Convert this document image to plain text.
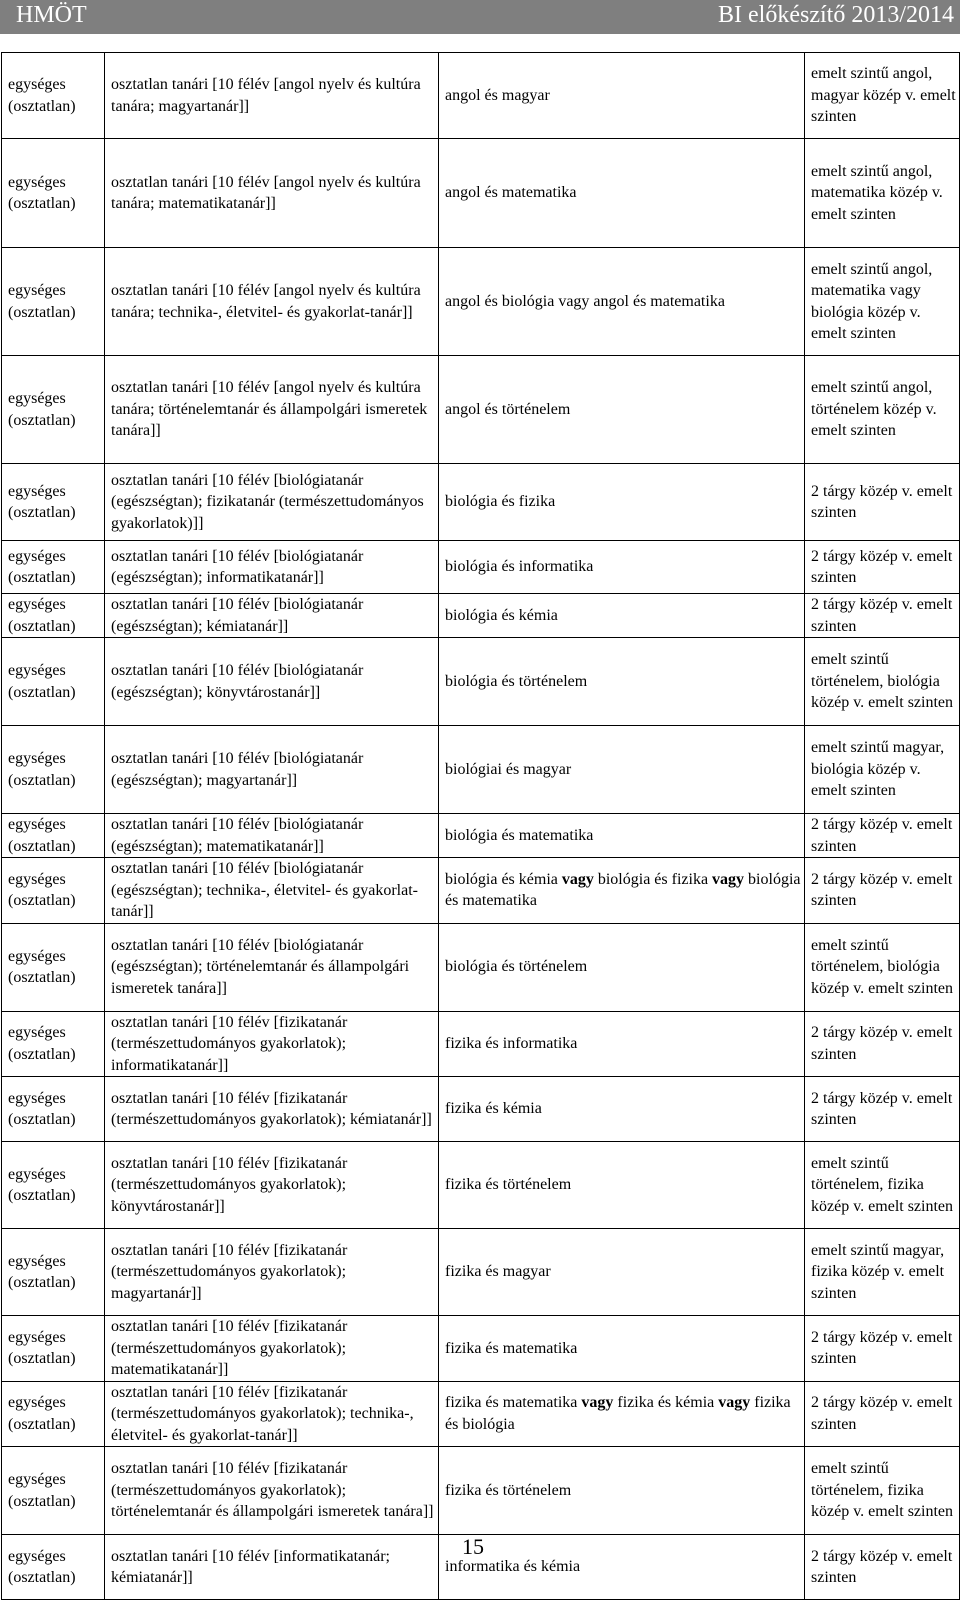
HMÖT	BI előkészítő 2013/2014
egységes
(osztatlan)	osztatlan tanári [10 félév [angol nyelv és kultúra tanára; magyartanár]]	angol és magyar	emelt szintű angol, magyar közép v. emelt szinten
egységes
(osztatlan)	osztatlan tanári [10 félév [angol nyelv és kultúra tanára; matematikatanár]]	angol és matematika	emelt szintű angol, matematika közép v. emelt szinten
egységes
(osztatlan)	osztatlan tanári [10 félév [angol nyelv és kultúra tanára; technika-, életvitel- és gyakorlat-tanár]]	angol és biológia vagy angol és matematika	emelt szintű angol, matematika vagy biológia közép v. emelt szinten
egységes
(osztatlan)	osztatlan tanári [10 félév [angol nyelv és kultúra tanára; történelemtanár és állampolgári ismeretek tanára]]	angol és történelem	emelt szintű angol, történelem közép v. emelt szinten
egységes
(osztatlan)	osztatlan tanári [10 félév [biológiatanár (egészségtan); fizikatanár (természettudományos gyakorlatok)]]	biológia és fizika	2 tárgy közép v. emelt szinten
egységes
(osztatlan)	osztatlan tanári [10 félév [biológiatanár (egészségtan); informatikatanár]]	biológia és informatika	2 tárgy közép v. emelt szinten
egységes
(osztatlan)	osztatlan tanári [10 félév [biológiatanár (egészségtan); kémiatanár]]	biológia és kémia	2 tárgy közép v. emelt szinten
egységes
(osztatlan)	osztatlan tanári [10 félév [biológiatanár (egészségtan); könyvtárostanár]]	biológia és történelem	emelt szintű történelem, biológia közép v. emelt szinten
egységes
(osztatlan)	osztatlan tanári [10 félév [biológiatanár (egészségtan); magyartanár]]	biológiai és magyar	emelt szintű magyar, biológia közép v. emelt szinten
egységes
(osztatlan)	osztatlan tanári [10 félév [biológiatanár (egészségtan); matematikatanár]]	biológia és matematika	2 tárgy közép v. emelt szinten
egységes
(osztatlan)	osztatlan tanári [10 félév [biológiatanár (egészségtan); technika-, életvitel- és gyakorlat-tanár]]	biológia és kémia vagy biológia és fizika vagy biológia és matematika	2 tárgy közép v. emelt szinten
egységes
(osztatlan)	osztatlan tanári [10 félév [biológiatanár (egészségtan); történelemtanár és állampolgári ismeretek tanára]]	biológia és történelem	emelt szintű történelem, biológia közép v. emelt szinten
egységes
(osztatlan)	osztatlan tanári [10 félév [fizikatanár (természettudományos gyakorlatok); informatikatanár]]	fizika és informatika	2 tárgy közép v. emelt szinten
egységes
(osztatlan)	osztatlan tanári [10 félév [fizikatanár (természettudományos gyakorlatok); kémiatanár]]	fizika és kémia	2 tárgy közép v. emelt szinten
egységes
(osztatlan)	osztatlan tanári [10 félév [fizikatanár (természettudományos gyakorlatok); könyvtárostanár]]	fizika és történelem	emelt szintű történelem, fizika közép v. emelt szinten
egységes
(osztatlan)	osztatlan tanári [10 félév [fizikatanár (természettudományos gyakorlatok); magyartanár]]	fizika és magyar	emelt szintű magyar, fizika közép v. emelt szinten
egységes
(osztatlan)	osztatlan tanári [10 félév [fizikatanár (természettudományos gyakorlatok); matematikatanár]]	fizika és matematika	2 tárgy közép v. emelt szinten
egységes
(osztatlan)	osztatlan tanári [10 félév [fizikatanár (természettudományos gyakorlatok); technika-, életvitel- és gyakorlat-tanár]]	fizika és matematika vagy fizika és kémia vagy fizika és biológia	2 tárgy közép v. emelt szinten
egységes
(osztatlan)	osztatlan tanári [10 félév [fizikatanár (természettudományos gyakorlatok); történelemtanár és állampolgári ismeretek tanára]]	fizika és történelem	emelt szintű történelem, fizika közép v. emelt szinten
egységes
(osztatlan)	osztatlan tanári [10 félév [informatikatanár; kémiatanár]]	informatika és kémia	2 tárgy közép v. emelt szinten
15
